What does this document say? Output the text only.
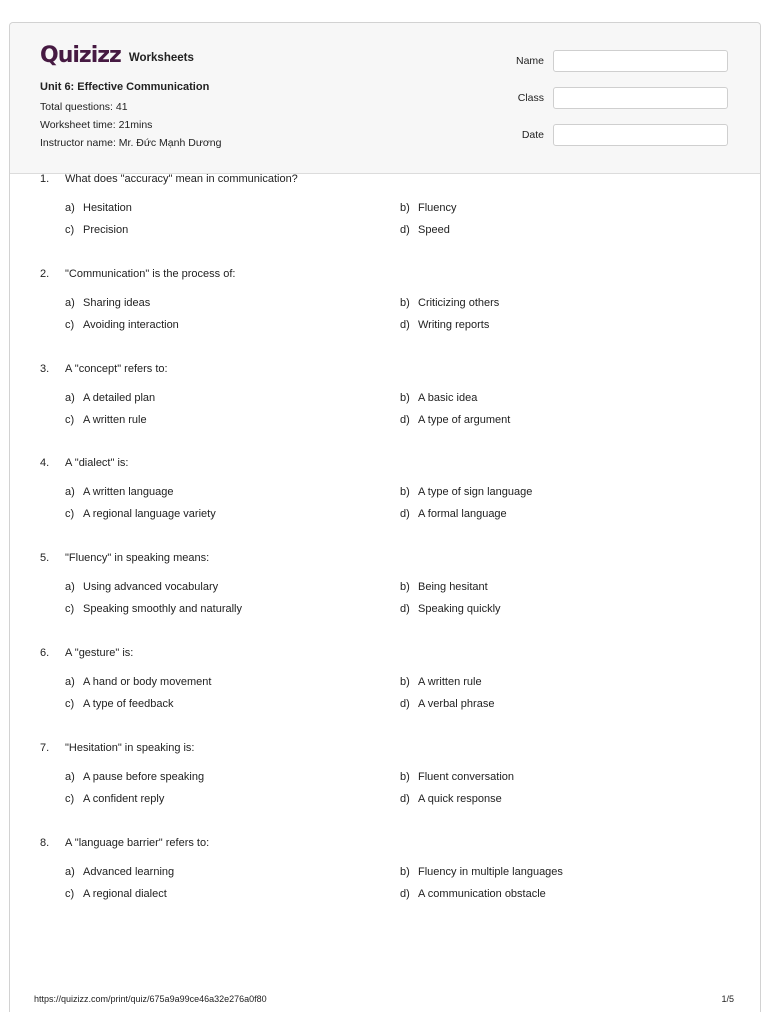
Quizizz Worksheets
Unit 6: Effective Communication
Total questions: 41
Worksheet time: 21mins
Instructor name: Mr. Đức Mạnh Dương
Name
Class
Date
1. What does "accuracy" mean in communication?
a) Hesitation	b) Fluency
c) Precision	d) Speed
2. "Communication" is the process of:
a) Sharing ideas	b) Criticizing others
c) Avoiding interaction	d) Writing reports
3. A "concept" refers to:
a) A detailed plan	b) A basic idea
c) A written rule	d) A type of argument
4. A "dialect" is:
a) A written language	b) A type of sign language
c) A regional language variety	d) A formal language
5. "Fluency" in speaking means:
a) Using advanced vocabulary	b) Being hesitant
c) Speaking smoothly and naturally	d) Speaking quickly
6. A "gesture" is:
a) A hand or body movement	b) A written rule
c) A type of feedback	d) A verbal phrase
7. "Hesitation" in speaking is:
a) A pause before speaking	b) Fluent conversation
c) A confident reply	d) A quick response
8. A "language barrier" refers to:
a) Advanced learning	b) Fluency in multiple languages
c) A regional dialect	d) A communication obstacle
https://quizizz.com/print/quiz/675a9a99ce46a32e276a0f80	1/5
